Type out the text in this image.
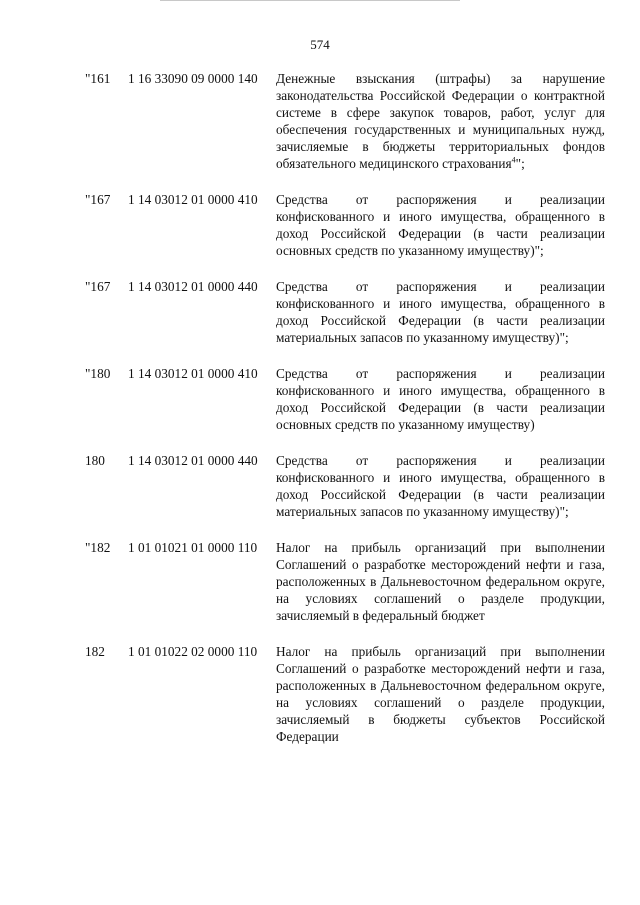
574
"161 1 16 33090 09 0000 140 Денежные взыскания (штрафы) за нарушение законодательства Российской Федерации о контрактной системе в сфере закупок товаров, работ, услуг для обеспечения государственных и муниципальных нужд, зачисляемые в бюджеты территориальных фондов обязательного медицинского страхования$^4$";
"167 1 14 03012 01 0000 410 Средства от распоряжения и реализации конфискованного и иного имущества, обращенного в доход Российской Федерации (в части реализации основных средств по указанному имуществу)";
"167 1 14 03012 01 0000 440 Средства от распоряжения и реализации конфискованного и иного имущества, обращенного в доход Российской Федерации (в части реализации материальных запасов по указанному имуществу)";
"180 1 14 03012 01 0000 410 Средства от распоряжения и реализации конфискованного и иного имущества, обращенного в доход Российской Федерации (в части реализации основных средств по указанному имуществу)
180 1 14 03012 01 0000 440 Средства от распоряжения и реализации конфискованного и иного имущества, обращенного в доход Российской Федерации (в части реализации материальных запасов по указанному имуществу)";
"182 1 01 01021 01 0000 110 Налог на прибыль организаций при выполнении Соглашений о разработке месторождений нефти и газа, расположенных в Дальневосточном федеральном округе, на условиях соглашений о разделе продукции, зачисляемый в федеральный бюджет
182 1 01 01022 02 0000 110 Налог на прибыль организаций при выполнении Соглашений о разработке месторождений нефти и газа, расположенных в Дальневосточном федеральном округе, на условиях соглашений о разделе продукции, зачисляемый в бюджеты субъектов Российской Федерации
